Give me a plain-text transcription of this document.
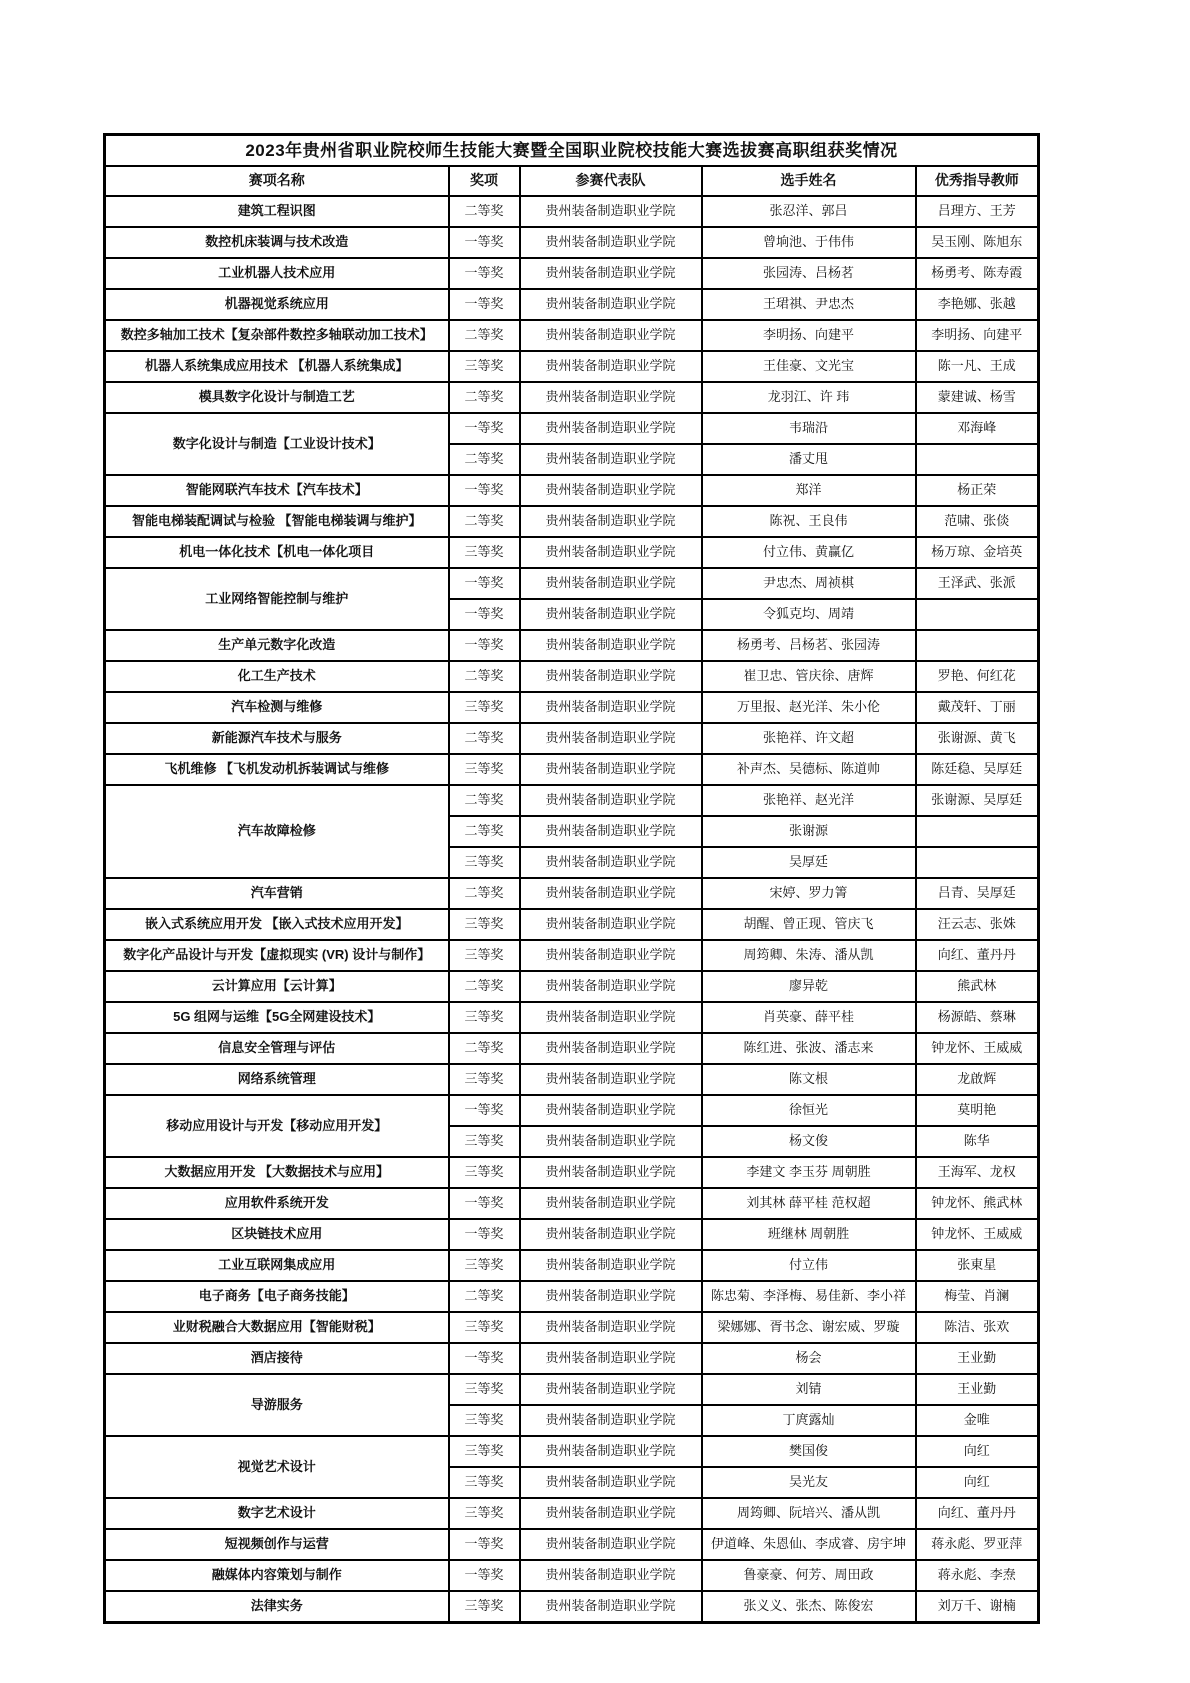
2023年贵州省职业院校师生技能大赛暨全国职业院校技能大赛选拔赛高职组获奖情况				
赛项名称	奖项	参赛代表队	选手姓名	优秀指导教师
建筑工程识图	二等奖	贵州装备制造职业学院	张忍洋、郭吕	吕理方、王芳
数控机床装调与技术改造	一等奖	贵州装备制造职业学院	曾垧池、于伟伟	吴玉刚、陈旭东
工业机器人技术应用	一等奖	贵州装备制造职业学院	张园涛、吕杨茗	杨勇考、陈寿霞
机器视觉系统应用	一等奖	贵州装备制造职业学院	王珺祺、尹忠杰	李艳娜、张越
数控多轴加工技术【复杂部件数控多轴联动加工技术】	二等奖	贵州装备制造职业学院	李明扬、向建平	李明扬、向建平
机器人系统集成应用技术 【机器人系统集成】	三等奖	贵州装备制造职业学院	王佳豪、文光宝	陈一凡、王成
模具数字化设计与制造工艺	二等奖	贵州装备制造职业学院	龙羽江、许 玮	蒙建诚、杨雪
数字化设计与制造【工业设计技术】	一等奖	贵州装备制造职业学院	韦瑞沿	邓海峰
	二等奖	贵州装备制造职业学院	潘丈甩	
智能网联汽车技术【汽车技术】	一等奖	贵州装备制造职业学院	郑洋	杨正荣
智能电梯装配调试与检验 【智能电梯装调与维护】	二等奖	贵州装备制造职业学院	陈祝、王良伟	范啸、张倓
机电一体化技术【机电一体化项目	三等奖	贵州装备制造职业学院	付立伟、黄赢亿	杨万琼、金培英
工业网络智能控制与维护	一等奖	贵州装备制造职业学院	尹忠杰、周祯棋	王泽武、张派
	一等奖	贵州装备制造职业学院	令狐克均、周靖	
生产单元数字化改造	一等奖	贵州装备制造职业学院	杨勇考、吕杨茗、张园涛	
化工生产技术	二等奖	贵州装备制造职业学院	崔卫忠、管庆徐、唐辉	罗艳、何红花
汽车检测与维修	三等奖	贵州装备制造职业学院	万里报、赵光洋、朱小伦	戴茂轩、丁丽
新能源汽车技术与服务	二等奖	贵州装备制造职业学院	张艳祥、许文超	张谢源、黄飞
飞机维修 【飞机发动机拆装调试与维修	三等奖	贵州装备制造职业学院	补声杰、吴德标、陈道帅	陈廷稳、吴厚廷
汽车故障检修	二等奖	贵州装备制造职业学院	张艳祥、赵光洋	张谢源、吴厚廷
	二等奖	贵州装备制造职业学院	张谢源	
	三等奖	贵州装备制造职业学院	吴厚廷	
汽车营销	二等奖	贵州装备制造职业学院	宋婷、罗力箐	吕青、吴厚廷
嵌入式系统应用开发 【嵌入式技术应用开发】	三等奖	贵州装备制造职业学院	胡醒、曾正现、管庆飞	汪云志、张姝
数字化产品设计与开发【虚拟现实 (VR) 设计与制作】	三等奖	贵州装备制造职业学院	周筠卿、朱涛、潘从凯	向红、董丹丹
云计算应用【云计算】	二等奖	贵州装备制造职业学院	廖异乾	熊武林
5G 组网与运维【5G全网建设技术】	三等奖	贵州装备制造职业学院	肖英豪、薛平桂	杨源皓、蔡琳
信息安全管理与评估	二等奖	贵州装备制造职业学院	陈红进、张波、潘志来	钟龙怀、王威威
网络系统管理	三等奖	贵州装备制造职业学院	陈文根	龙啟辉
移动应用设计与开发【移动应用开发】	一等奖	贵州装备制造职业学院	徐恒光	莫明艳
	三等奖	贵州装备制造职业学院	杨文俊	陈华
大数据应用开发 【大数据技术与应用】	三等奖	贵州装备制造职业学院	李建文 李玉芬 周朝胜	王海军、龙权
应用软件系统开发	一等奖	贵州装备制造职业学院	刘其林 薛平桂 范权超	钟龙怀、熊武林
区块链技术应用	一等奖	贵州装备制造职业学院	班继林 周朝胜	钟龙怀、王威威
工业互联网集成应用	三等奖	贵州装备制造职业学院	付立伟	张東星
电子商务【电子商务技能】	二等奖	贵州装备制造职业学院	陈忠菊、李泽梅、易佳新、李小祥	梅莹、肖澜
业财税融合大数据应用【智能财税】	三等奖	贵州装备制造职业学院	梁娜娜、胥书念、谢宏威、罗璇	陈洁、张欢
酒店接待	一等奖	贵州装备制造职业学院	杨会	王业勤
导游服务	三等奖	贵州装备制造职业学院	刘锖	王业勤
	三等奖	贵州装备制造职业学院	丁庹露灿	金唯
视觉艺术设计	三等奖	贵州装备制造职业学院	樊国俊	向红
	三等奖	贵州装备制造职业学院	吴光友	向红
数字艺术设计	三等奖	贵州装备制造职业学院	周筠卿、阮培兴、潘从凯	向红、董丹丹
短视频创作与运营	一等奖	贵州装备制造职业学院	伊道峰、朱恩仙、李成睿、房宇坤	蒋永彪、罗亚萍
融媒体内容策划与制作	一等奖	贵州装备制造职业学院	鲁豪豪、何芳、周田政	蒋永彪、李焘
法律实务	三等奖	贵州装备制造职业学院	张义义、张杰、陈俊宏	刘万千、谢楠
